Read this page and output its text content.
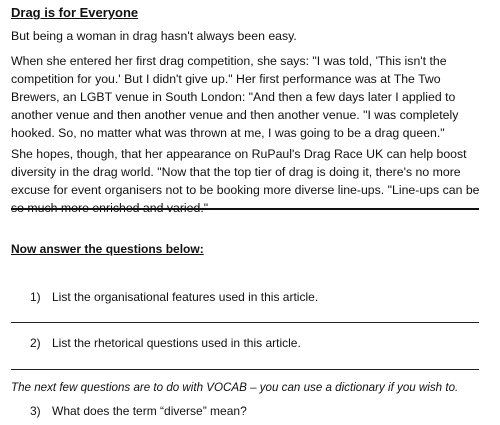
Drag is for Everyone

But being a woman in drag hasn't always been easy.

When she entered her first drag competition, she says: "I was told, 'This isn't the competition for you.' But I didn't give up." Her first performance was at The Two Brewers, an LGBT venue in South London: "And then a few days later I applied to another venue and then another venue and then another venue. "I was completely hooked. So, no matter what was thrown at me, I was going to be a drag queen."

She hopes, though, that her appearance on RuPaul's Drag Race UK can help boost diversity in the drag world. "Now that the top tier of drag is doing it, there's no more excuse for event organisers not to be booking more diverse line-ups. "Line-ups can be so much more enriched and varied."

Now answer the questions below:
1) List the organisational features used in this article.
2) List the rhetorical questions used in this article.
The next few questions are to do with VOCAB – you can use a dictionary if you wish to.
3) What does the term “diverse” mean?
